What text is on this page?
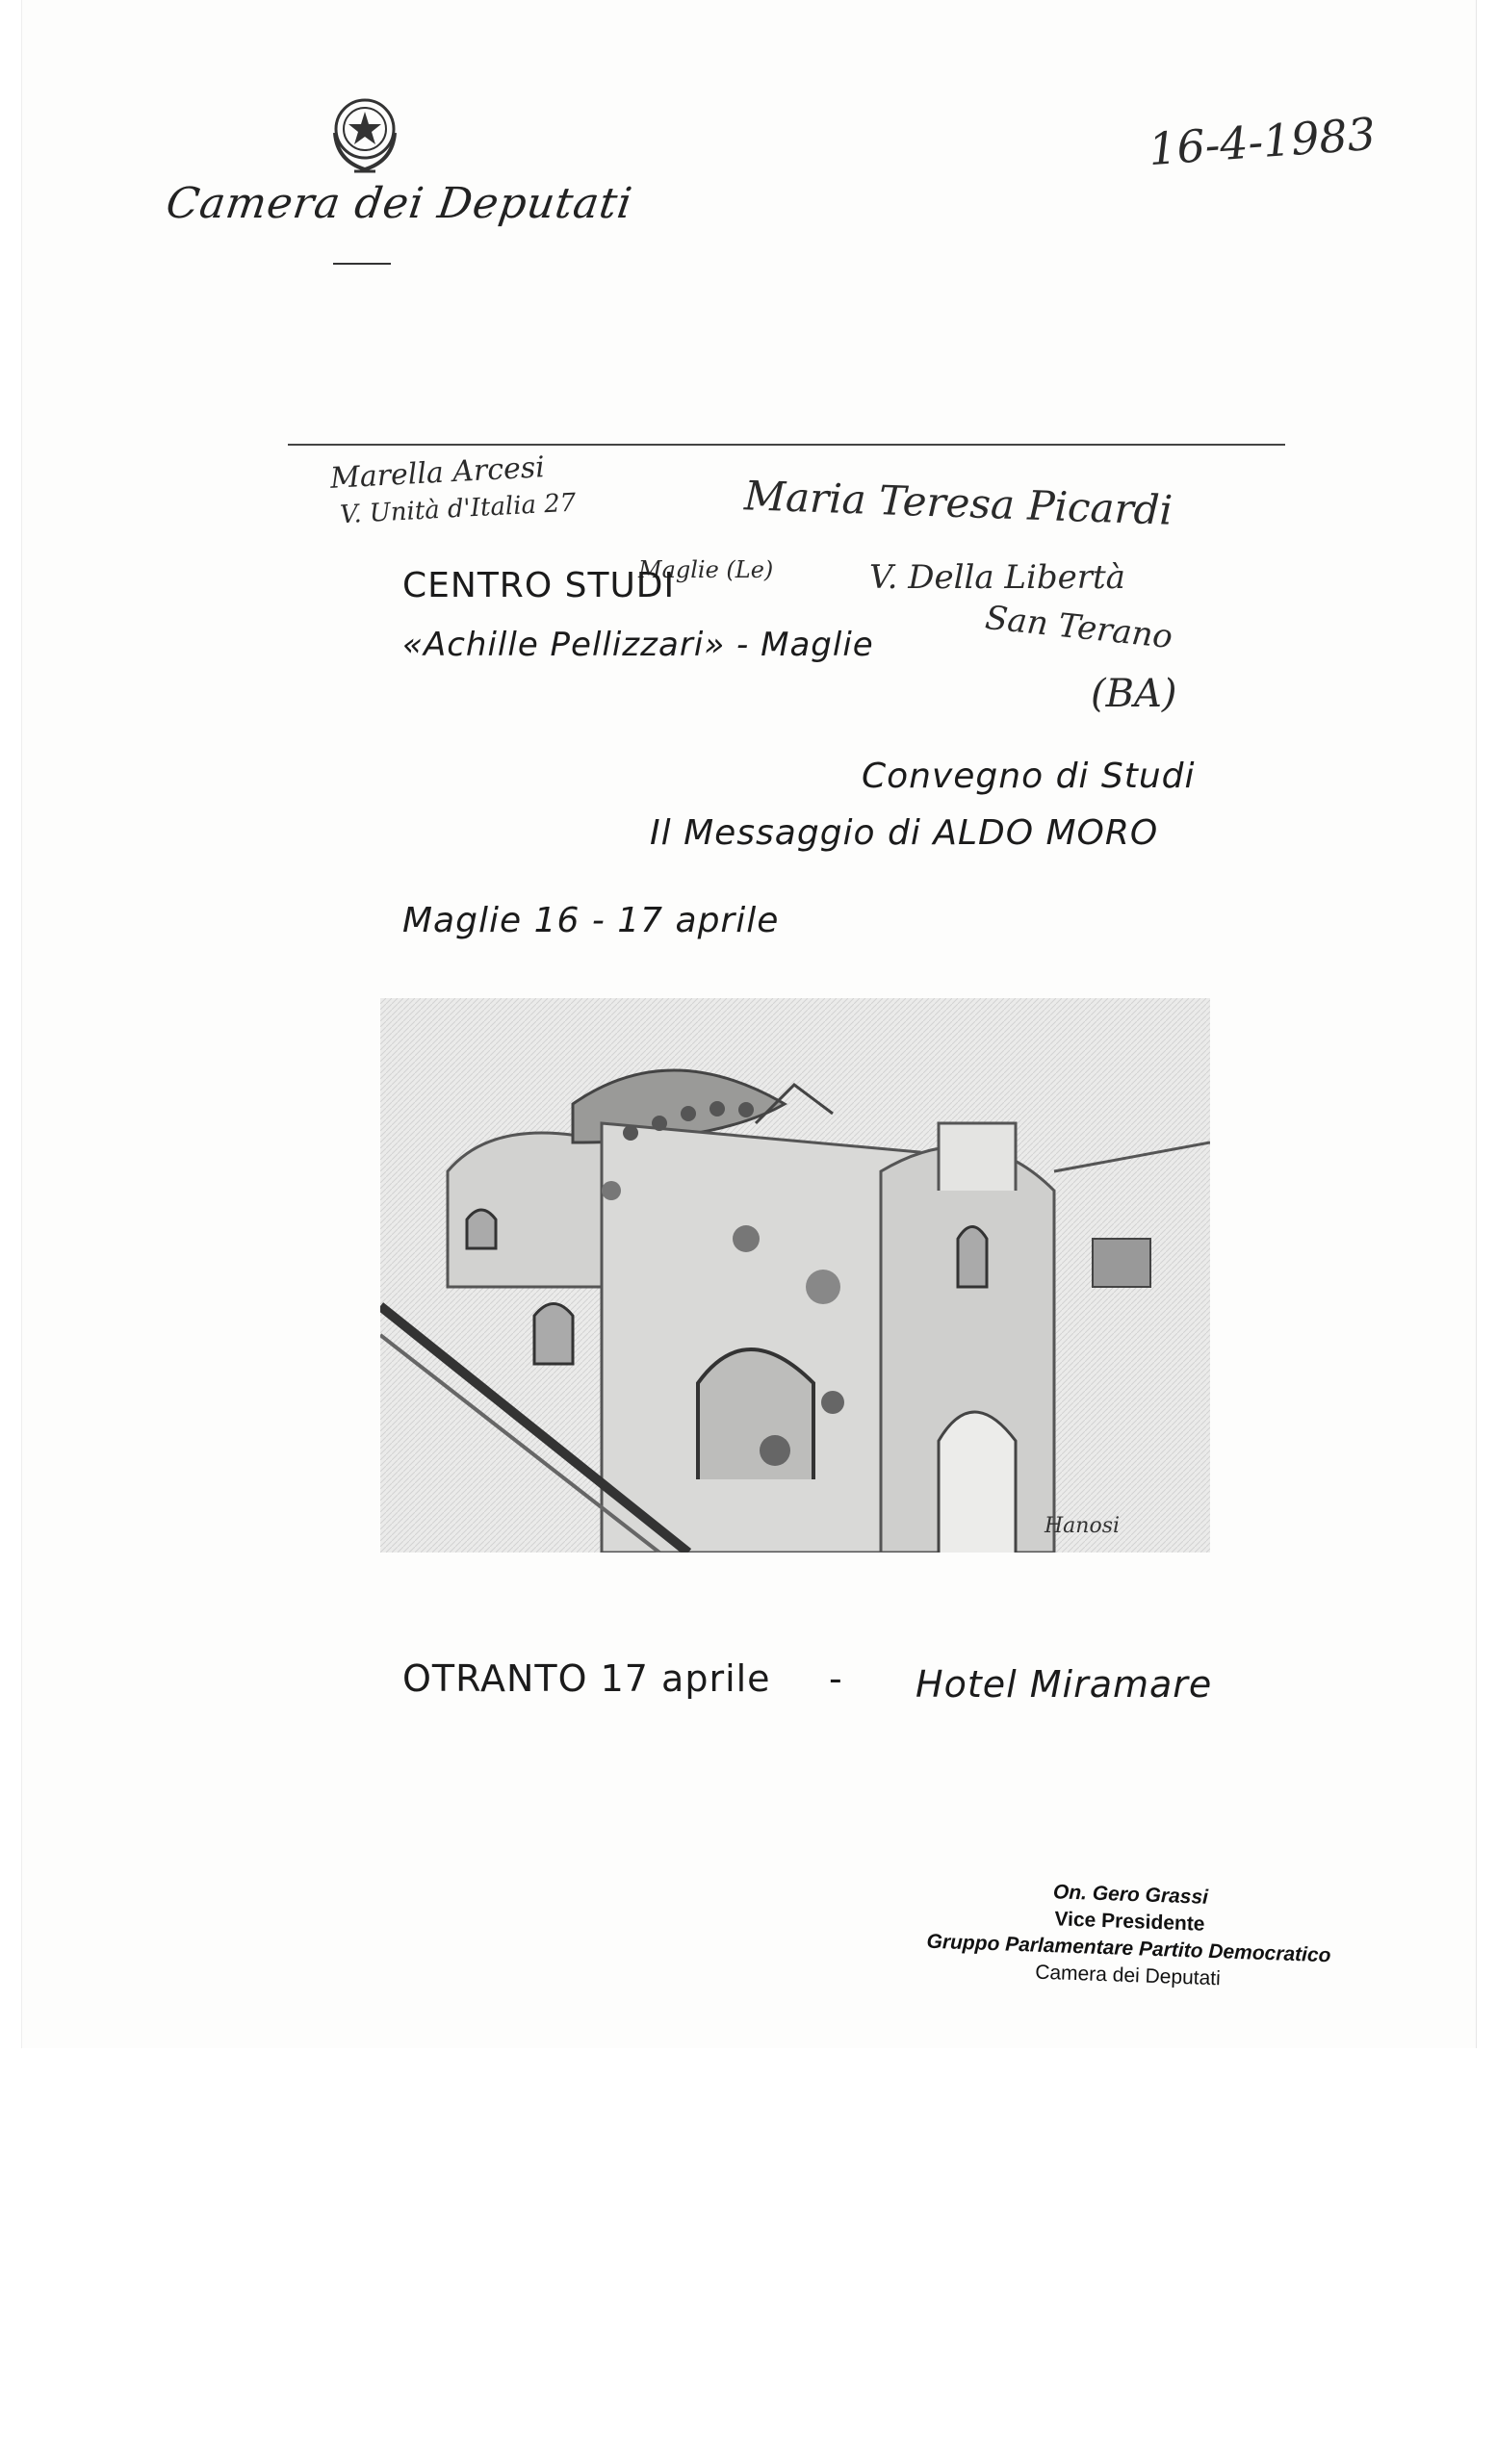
Camera dei Deputati
16-4-1983
Marella Arcesi
V. Unità d'Italia 27
Maglie (Le)
Maria Teresa Picardi
V. Della Libertà
San Terano
(BA)
CENTRO STUDI
«Achille Pellizzari» - Maglie
Convegno di Studi
Il Messaggio di ALDO MORO
Maglie 16 - 17 aprile
Hanosi
OTRANTO 17 aprile - Hotel Miramare
On. Gero Grassi
Vice Presidente
Gruppo Parlamentare Partito Democratico
Camera dei Deputati
